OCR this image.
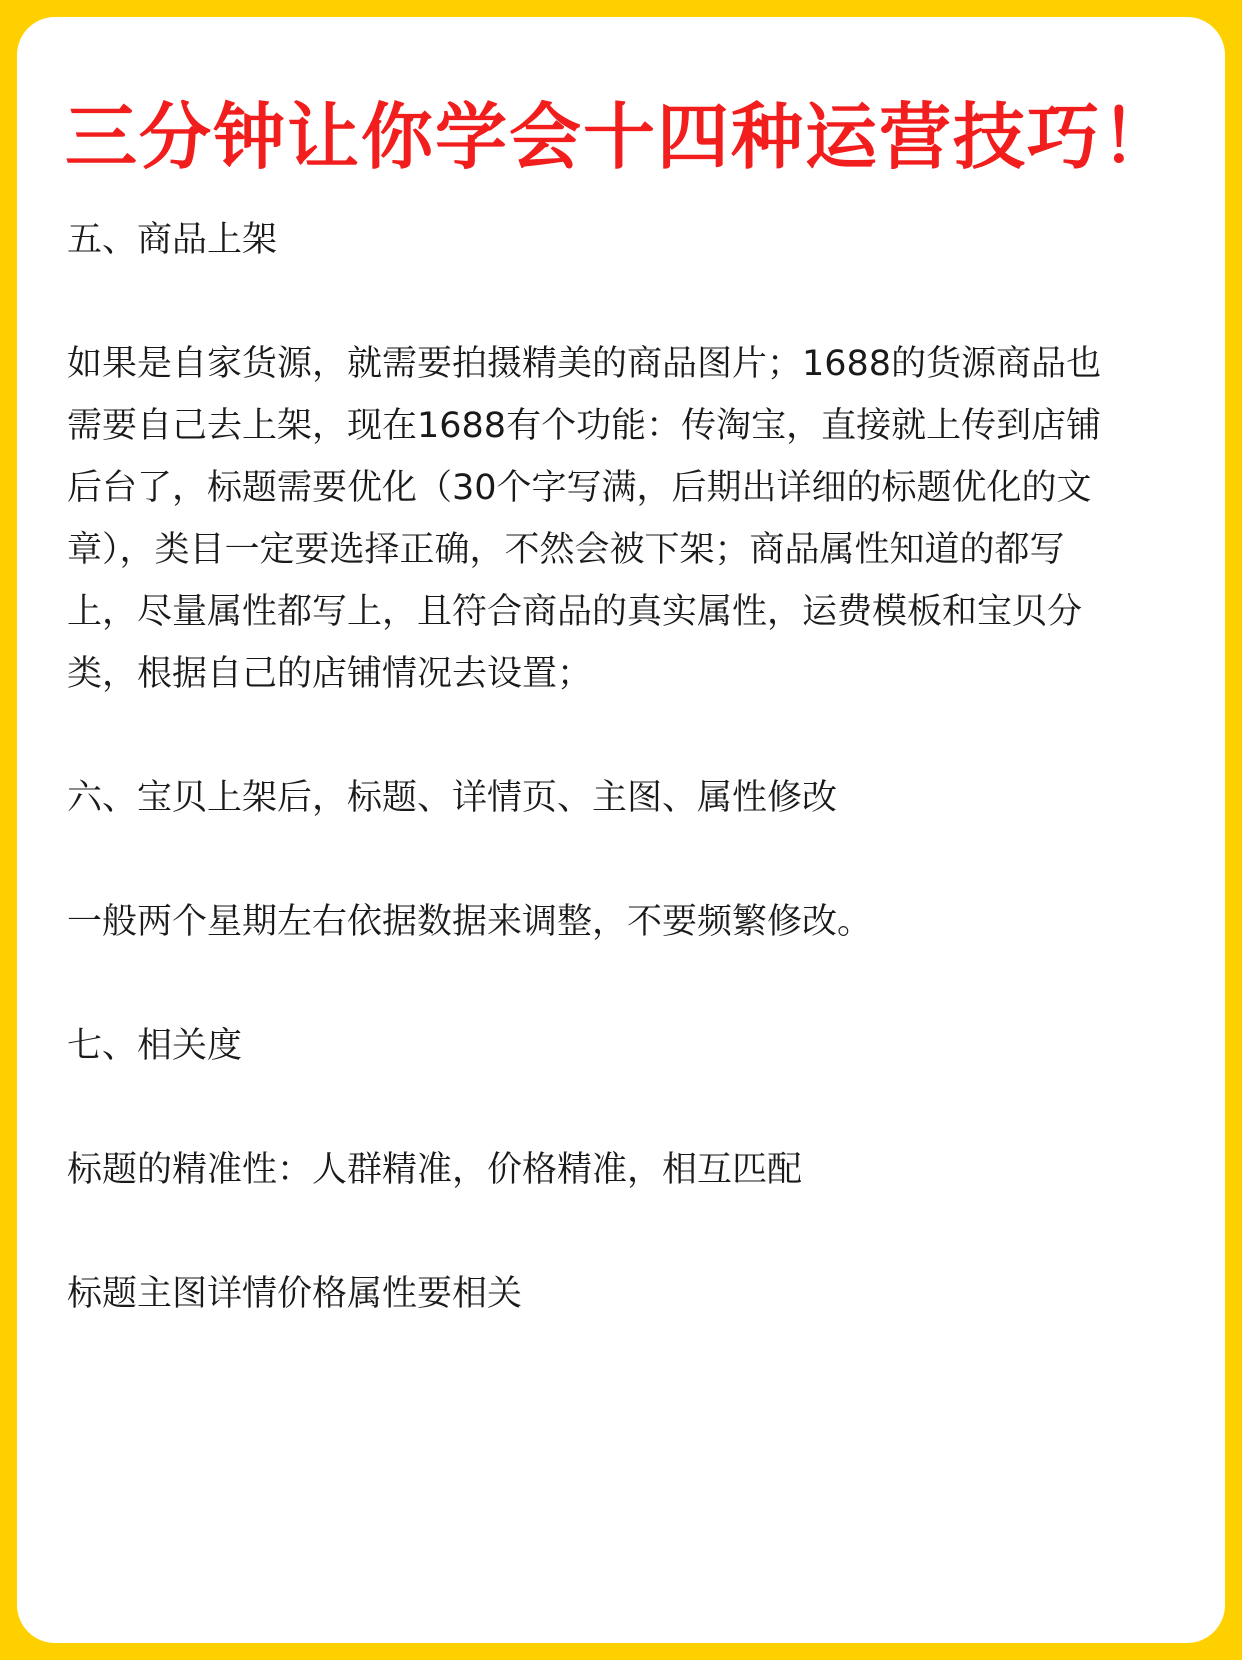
三分钟让你学会十四种运营技巧！
五、商品上架
如果是自家货源，就需要拍摄精美的商品图片；1688的货源商品也
需要自己去上架，现在1688有个功能：传淘宝，直接就上传到店铺
后台了，标题需要优化（30个字写满，后期出详细的标题优化的文
章），类目一定要选择正确，不然会被下架；商品属性知道的都写
上，尽量属性都写上，且符合商品的真实属性，运费模板和宝贝分
类，根据自己的店铺情况去设置；
六、宝贝上架后，标题、详情页、主图、属性修改
一般两个星期左右依据数据来调整，不要频繁修改。
七、相关度
标题的精准性：人群精准，价格精准，相互匹配
标题主图详情价格属性要相关
